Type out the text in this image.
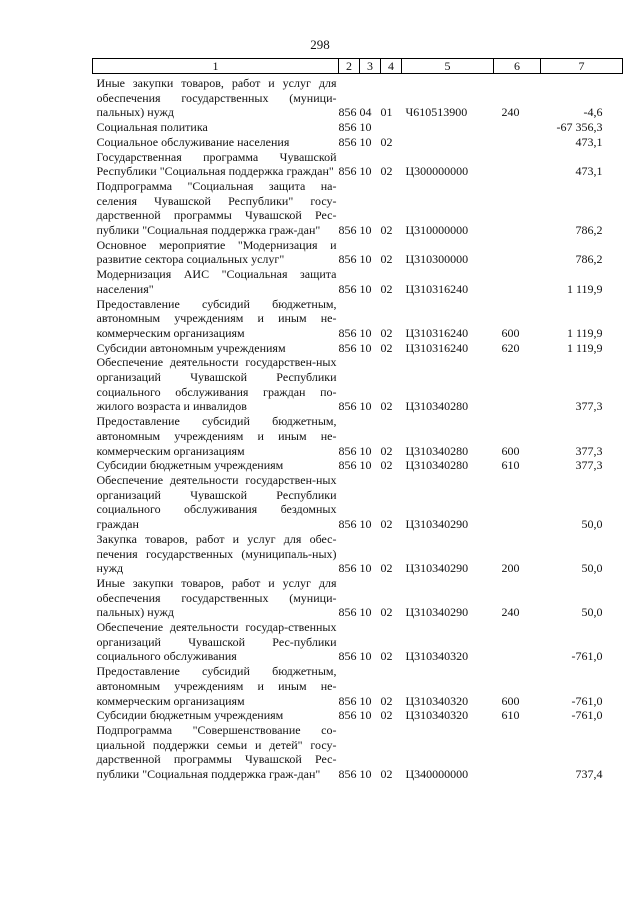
298
1	2	3	4	5	6	7
Иные закупки товаров, работ и услуг для обеспечения государственных (муници-пальных) нужд	856	04	01	Ч610513900	240	-4,6
Социальная политика	856	10				-67 356,3
Социальное обслуживание населения	856	10	02			473,1
Государственная программа Чувашской Республики "Социальная поддержка граждан"	856	10	02	Ц300000000		473,1
Подпрограмма "Социальная защита на-селения Чувашской Республики" госу-дарственной программы Чувашской Рес-публики "Социальная поддержка граж-дан"	856	10	02	Ц310000000		786,2
Основное мероприятие "Модернизация и развитие сектора социальных услуг"	856	10	02	Ц310300000		786,2
Модернизация АИС "Социальная защита населения"	856	10	02	Ц310316240		1 119,9
Предоставление субсидий бюджетным, автономным учреждениям и иным не-коммерческим организациям	856	10	02	Ц310316240	600	1 119,9
Субсидии автономным учреждениям	856	10	02	Ц310316240	620	1 119,9
Обеспечение деятельности государствен-ных организаций Чувашской Республики социального обслуживания граждан по-жилого возраста и инвалидов	856	10	02	Ц310340280		377,3
Предоставление субсидий бюджетным, автономным учреждениям и иным не-коммерческим организациям	856	10	02	Ц310340280	600	377,3
Субсидии бюджетным учреждениям	856	10	02	Ц310340280	610	377,3
Обеспечение деятельности государствен-ных организаций Чувашской Республики социального обслуживания бездомных граждан	856	10	02	Ц310340290		50,0
Закупка товаров, работ и услуг для обес-печения государственных (муниципаль-ных) нужд	856	10	02	Ц310340290	200	50,0
Иные закупки товаров, работ и услуг для обеспечения государственных (муници-пальных) нужд	856	10	02	Ц310340290	240	50,0
Обеспечение деятельности государ-ственных организаций Чувашской Рес-публики социального обслуживания	856	10	02	Ц310340320		-761,0
Предоставление субсидий бюджетным, автономным учреждениям и иным не-коммерческим организациям	856	10	02	Ц310340320	600	-761,0
Субсидии бюджетным учреждениям	856	10	02	Ц310340320	610	-761,0
Подпрограмма "Совершенствование со-циальной поддержки семьи и детей" госу-дарственной программы Чувашской Рес-публики "Социальная поддержка граж-дан"	856	10	02	Ц340000000		737,4
